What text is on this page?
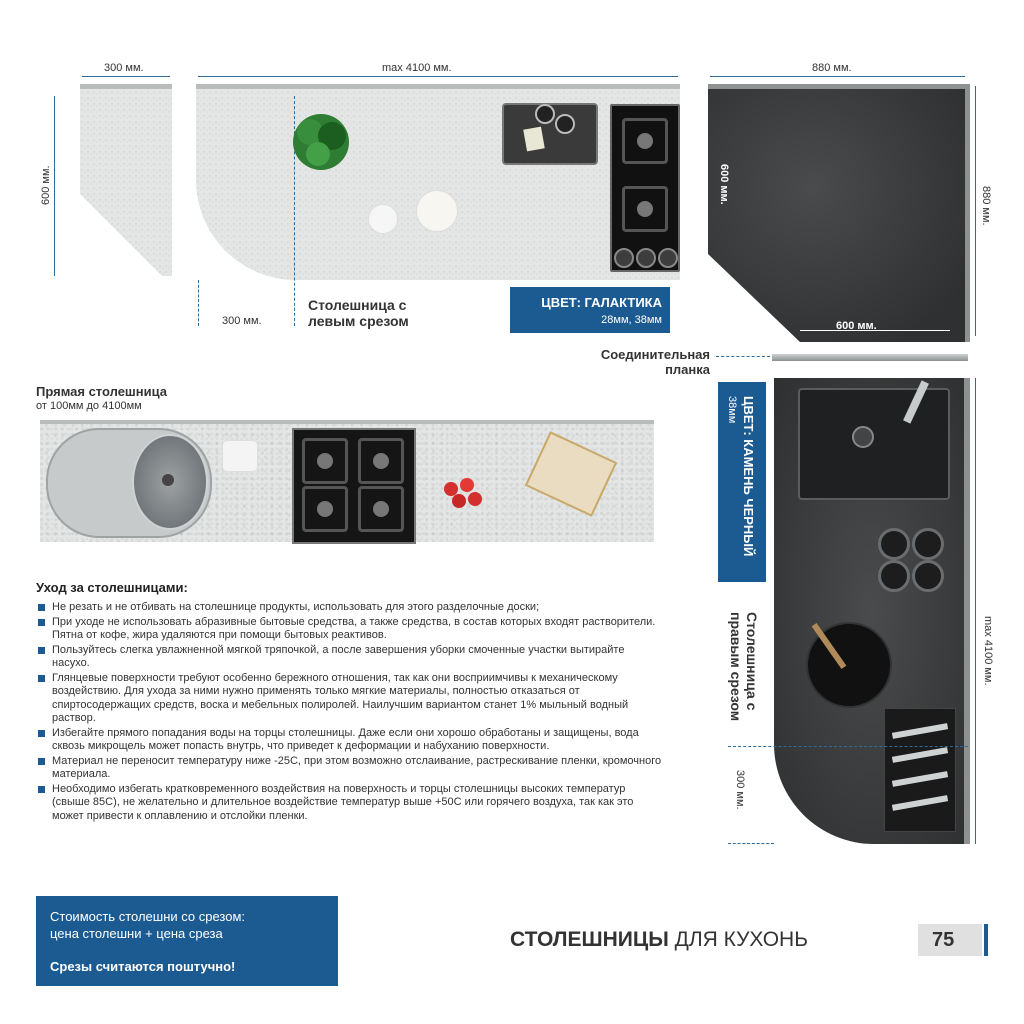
300 мм.	max 4100 мм.	880 мм.
600 мм.
880 мм.
300 мм.
Столешница с левым срезом
ЦВЕТ: ГАЛАКТИКА
28мм, 38мм
600 мм.
600 мм.
Соединительная планка
Прямая столешница
от 100мм до 4100мм
300 мм.
max 4100 мм.
ЦВЕТ: КАМЕНЬ ЧЕРНЫЙ
38мм
Столешница с правым срезом
Уход за столешницами:
Не резать и не отбивать на столешнице продукты, использовать для этого разделочные доски;
При уходе не использовать абразивные бытовые средства, а также средства, в состав которых входят растворители. Пятна от кофе, жира удаляются при помощи бытовых реактивов.
Пользуйтесь слегка увлажненной мягкой тряпочкой, а после завершения уборки смоченные участки вытирайте насухо.
Глянцевые поверхности требуют особенно бережного отношения, так как они восприимчивы к механическому воздействию. Для ухода за ними нужно применять только мягкие материалы, полностью отказаться от спиртосодержащих средств, воска и мебельных полиролей. Наилучшим вариантом станет 1% мыльный водный раствор.
Избегайте прямого попадания воды на торцы столешницы. Даже если они хорошо обработаны и защищены, вода сквозь микрощель может попасть внутрь, что приведет к деформации и набуханию поверхности.
Материал не переносит температуру ниже -25С, при этом возможно отслаивание, растрескивание пленки, кромочного материала.
Необходимо избегать кратковременного воздействия на поверхность и торцы столешницы высоких температур (свыше 85С), не желательно и длительное воздействие температур выше +50С или горячего воздуха, так как это может привести к оплавлению и отслойки пленки.
Стоимость столешни со срезом:
цена столешни + цена среза
Срезы считаются поштучно!
СТОЛЕШНИЦЫ ДЛЯ КУХОНЬ	75
